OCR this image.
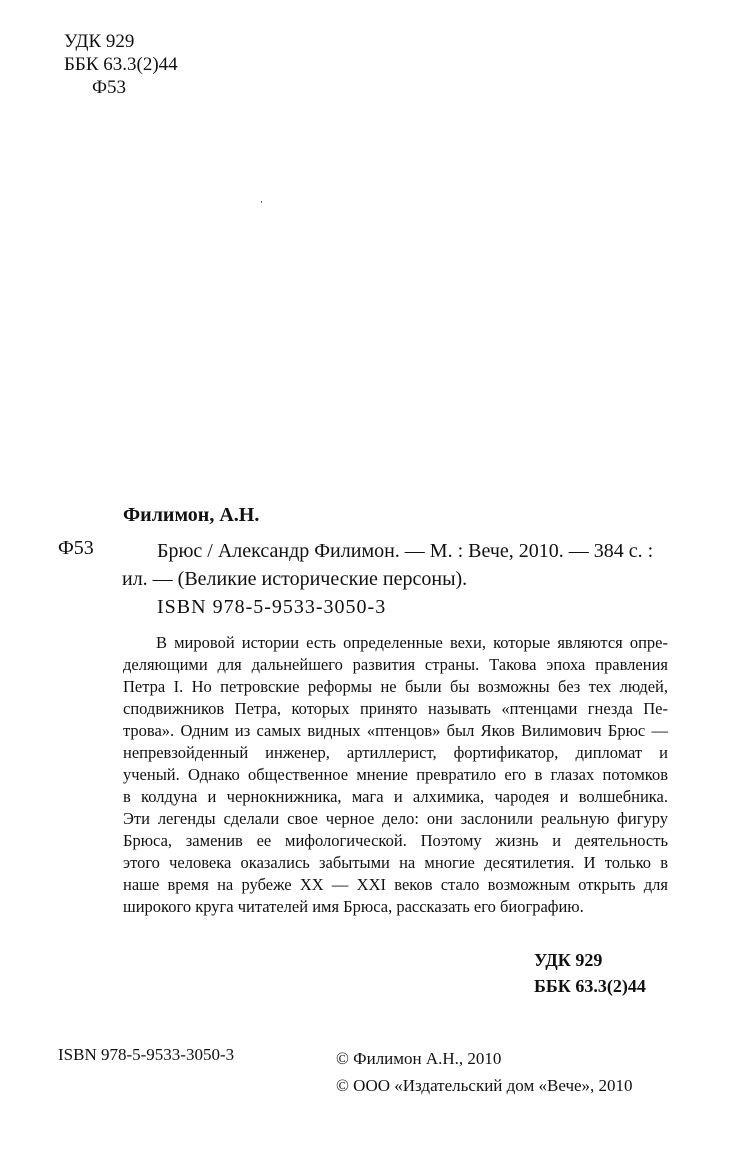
УДК 929
ББК 63.3(2)44
Ф53
Филимон, А.Н.
Ф53	Брюс / Александр Филимон. — М. : Вече, 2010. — 384 с. :
ил. — (Великие исторические персоны).
ISBN 978-5-9533-3050-3
В мировой истории есть определенные вехи, которые являются опре-
деляющими для дальнейшего развития страны. Такова эпоха правления
Петра I. Но петровские реформы не были бы возможны без тех людей,
сподвижников Петра, которых принято называть «птенцами гнезда Пе-
трова». Одним из самых видных «птенцов» был Яков Вилимович Брюс —
непревзойденный инженер, артиллерист, фортификатор, дипломат и
ученый. Однако общественное мнение превратило его в глазах потомков
в колдуна и чернокнижника, мага и алхимика, чародея и волшебника.
Эти легенды сделали свое черное дело: они заслонили реальную фигуру
Брюса, заменив ее мифологической. Поэтому жизнь и деятельность
этого человека оказались забытыми на многие десятилетия. И только в
наше время на рубеже XX — XXI веков стало возможным открыть для
широкого круга читателей имя Брюса, рассказать его биографию.
УДК 929
ББК 63.3(2)44
ISBN 978-5-9533-3050-3	© Филимон А.Н., 2010
© ООО «Издательский дом «Вече», 2010
